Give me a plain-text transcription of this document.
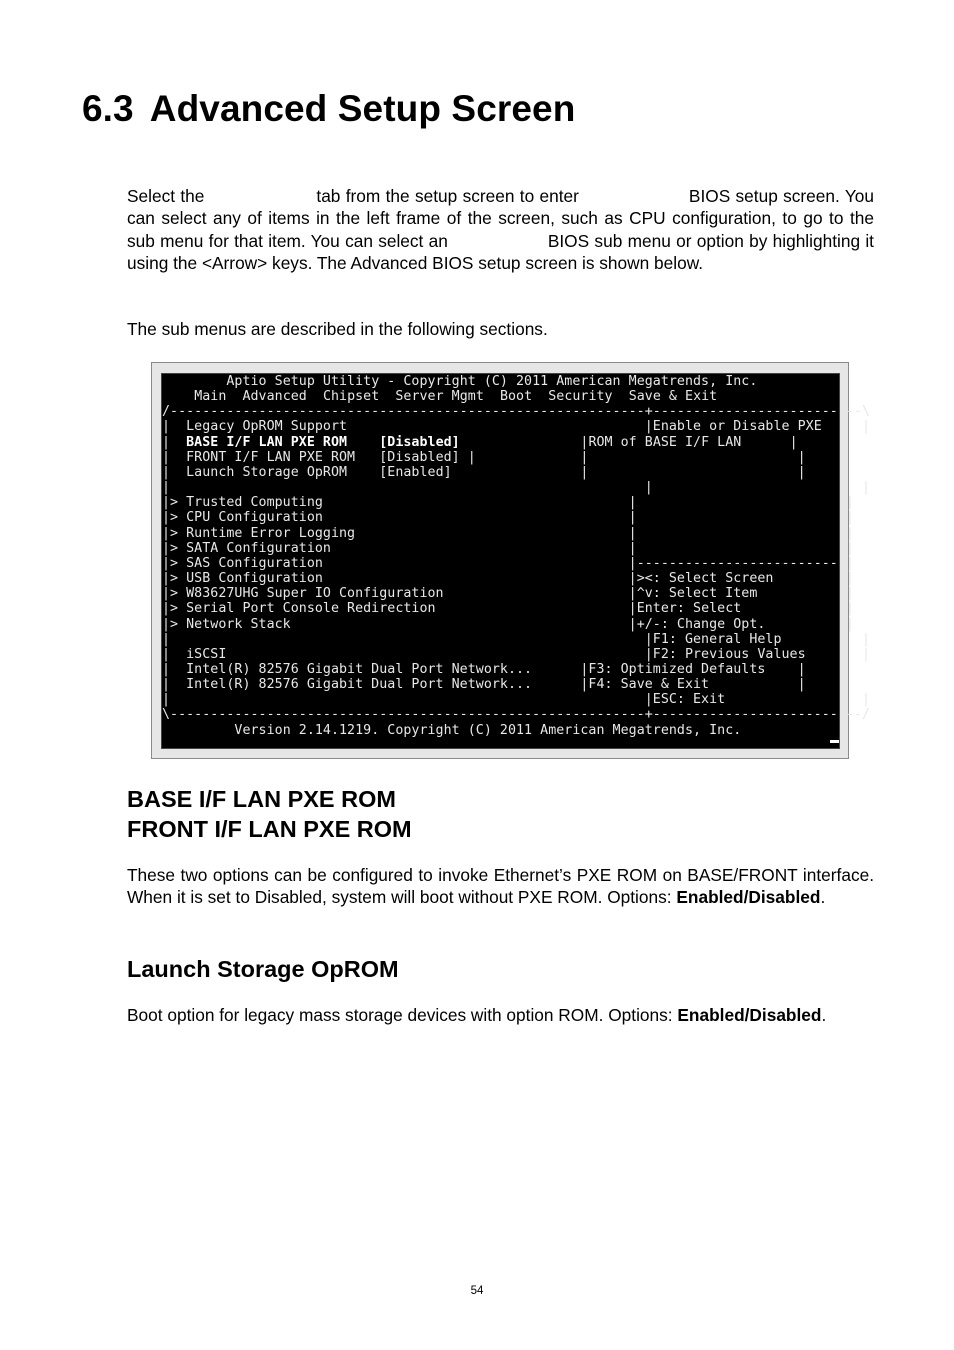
6.3 Advanced Setup Screen

Select the	tab from the setup screen to enter	BIOS setup screen. You can select any of items in the left frame of the screen, such as CPU configuration, to go to the sub menu for that item. You can select an	BIOS sub menu or option by highlighting it using the <Arrow> keys. The Advanced BIOS setup screen is shown below.

The sub menus are described in the following sections.

Aptio Setup Utility - Copyright (C) 2011 American Megatrends, Inc.
Main Advanced Chipset Server Mgmt Boot Security Save & Exit
/-----------------------------------------------------------+--------------------------\
|  Legacy OpROM Support                                     |Enable or Disable PXE	|
|  BASE I/F LAN PXE ROM [Disabled]               |ROM of BASE I/F LAN	|
|  FRONT I/F LAN PXE ROM [Disabled] |             |                          |
|  Launch Storage OpROM [Enabled]	|                          |
|                                                           |                          |
|> Trusted Computing	|                          |
|> CPU Configuration	|                          |
|> Runtime Error Logging	|                          |
|> SATA Configuration	|                          |
|> SAS Configuration	|--------------------------|
|> USB Configuration                                      |><: Select Screen	|
|> W83627UHG Super IO Configuration                       |^v: Select Item	|
|> Serial Port Console Redirection                        |Enter: Select	|
|> Network Stack                                          |+/-: Change Opt.	|
|                                                           |F1: General Help	|
|  iSCSI                                                    |F2: Previous Values	|
|  Intel(R) 82576 Gigabit Dual Port Network...      |F3: Optimized Defaults    |
|  Intel(R) 82576 Gigabit Dual Port Network...      |F4: Save & Exit	|
|                                                           |ESC: Exit	|
\-----------------------------------------------------------+--------------------------/
Version 2.14.1219. Copyright (C) 2011 American Megatrends, Inc.
BASE I/F LAN PXE ROM
FRONT I/F LAN PXE ROM

These two options can be configured to invoke Ethernet’s PXE ROM on BASE/FRONT interface. When it is set to Disabled, system will boot without PXE ROM. Options: Enabled/Disabled.

Launch Storage OpROM

Boot option for legacy mass storage devices with option ROM. Options: Enabled/Disabled.

54
